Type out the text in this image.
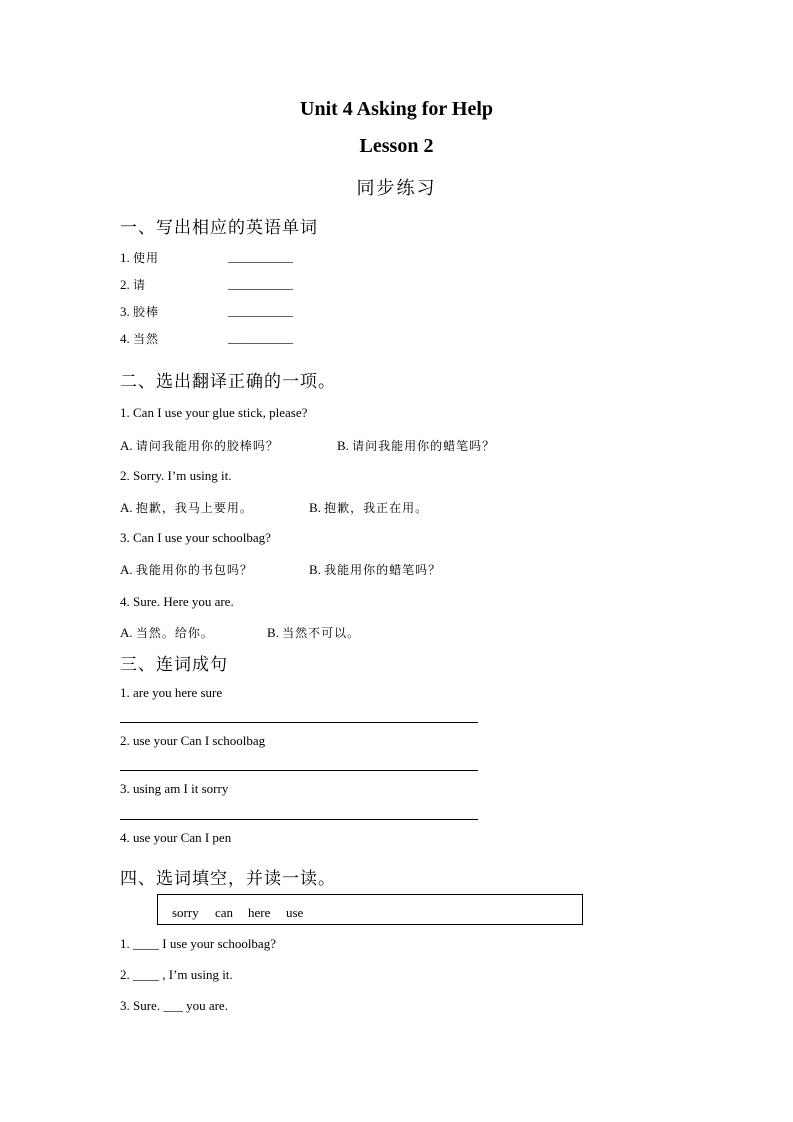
Unit 4 Asking for Help
Lesson 2
同步练习
一、写出相应的英语单词
1. 使用	__________
2. 请	__________
3. 胶棒	__________
4. 当然	__________
二、选出翻译正确的一项。
1. Can I use your glue stick, please?
A. 请问我能用你的胶棒吗？	B. 请问我能用你的蜡笔吗？
2. Sorry. I’m using it.
A. 抱歉，我马上要用。	B. 抱歉，我正在用。
3. Can I use your schoolbag?
A. 我能用你的书包吗？	B. 我能用你的蜡笔吗？
4. Sure. Here you are.
A. 当然。给你。	B. 当然不可以。
三、连词成句
1. are you here sure
2. use your Can I schoolbag
3. using am I it sorry
4. use your Can I pen
四、选词填空，并读一读。
sorry can here use
1. ____ I use your schoolbag?
2. ____ , I’m using it.
3. Sure. ___ you are.
